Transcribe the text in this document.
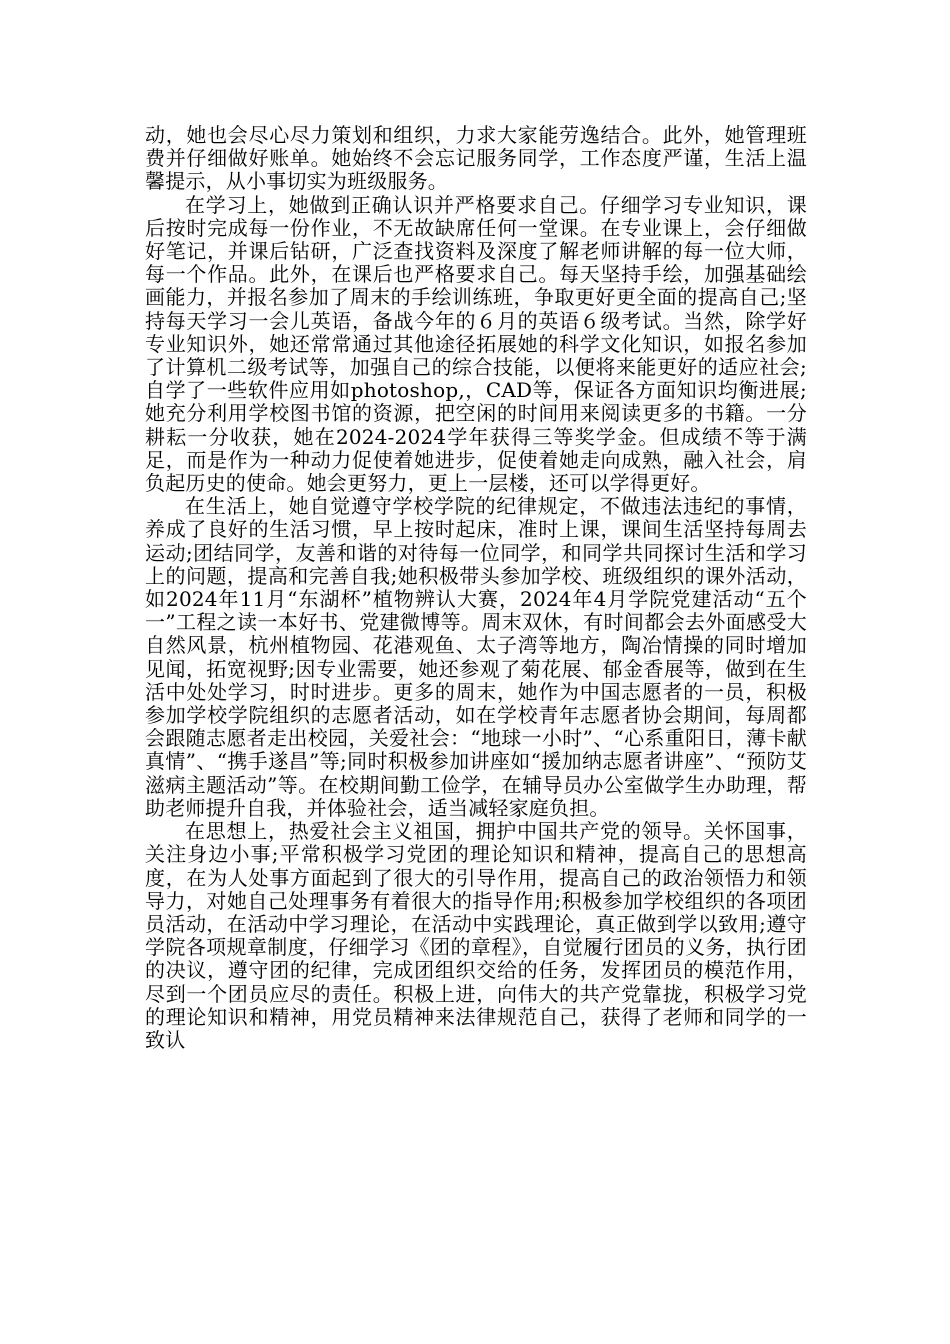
动，她也会尽心尽力策划和组织，力求大家能劳逸结合。此外，她管理班费并仔细做好账单。她始终不会忘记服务同学，工作态度严谨，生活上温馨提示，从小事切实为班级服务。

在学习上，她做到正确认识并严格要求自己。仔细学习专业知识，课后按时完成每一份作业，不无故缺席任何一堂课。在专业课上，会仔细做好笔记，并课后钻研，广泛查找资料及深度了解老师讲解的每一位大师，每一个作品。此外，在课后也严格要求自己。每天坚持手绘，加强基础绘画能力，并报名参加了周末的手绘训练班，争取更好更全面的提高自己;坚持每天学习一会儿英语，备战今年的６月的英语６级考试。当然，除学好专业知识外，她还常常通过其他途径拓展她的科学文化知识，如报名参加了计算机二级考试等，加强自己的综合技能，以便将来能更好的适应社会;自学了一些软件应用如photoshop,，CAD等，保证各方面知识均衡进展;她充分利用学校图书馆的资源，把空闲的时间用来阅读更多的书籍。一分耕耘一分收获，她在2024-2024学年获得三等奖学金。但成绩不等于满足，而是作为一种动力促使着她进步，促使着她走向成熟，融入社会，肩负起历史的使命。她会更努力，更上一层楼，还可以学得更好。

在生活上，她自觉遵守学校学院的纪律规定，不做违法违纪的事情，养成了良好的生活习惯，早上按时起床，准时上课，课间生活坚持每周去运动;团结同学，友善和谐的对待每一位同学，和同学共同探讨生活和学习上的问题，提高和完善自我;她积极带头参加学校、班级组织的课外活动，如2024年11月“东湖杯”植物辨认大赛，2024年4月学院党建活动“五个一”工程之读一本好书、党建微博等。周末双休，有时间都会去外面感受大自然风景，杭州植物园、花港观鱼、太子湾等地方，陶冶情操的同时增加见闻，拓宽视野;因专业需要，她还参观了菊花展、郁金香展等，做到在生活中处处学习，时时进步。更多的周末，她作为中国志愿者的一员，积极参加学校学院组织的志愿者活动，如在学校青年志愿者协会期间，每周都会跟随志愿者走出校园，关爱社会：“地球一小时”、“心系重阳日，薄卡献真情”、“携手遂昌”等;同时积极参加讲座如“援加纳志愿者讲座”、“预防艾滋病主题活动”等。在校期间勤工俭学，在辅导员办公室做学生办助理，帮助老师提升自我，并体验社会，适当减轻家庭负担。

在思想上，热爱社会主义祖国，拥护中国共产党的领导。关怀国事，关注身边小事;平常积极学习党团的理论知识和精神，提高自己的思想高度，在为人处事方面起到了很大的引导作用，提高自己的政治领悟力和领导力，对她自己处理事务有着很大的指导作用;积极参加学校组织的各项团员活动，在活动中学习理论，在活动中实践理论，真正做到学以致用;遵守学院各项规章制度，仔细学习《团的章程》，自觉履行团员的义务，执行团的决议，遵守团的纪律，完成团组织交给的任务，发挥团员的模范作用，尽到一个团员应尽的责任。积极上进，向伟大的共产党靠拢，积极学习党的理论知识和精神，用党员精神来法律规范自己，获得了老师和同学的一致认
